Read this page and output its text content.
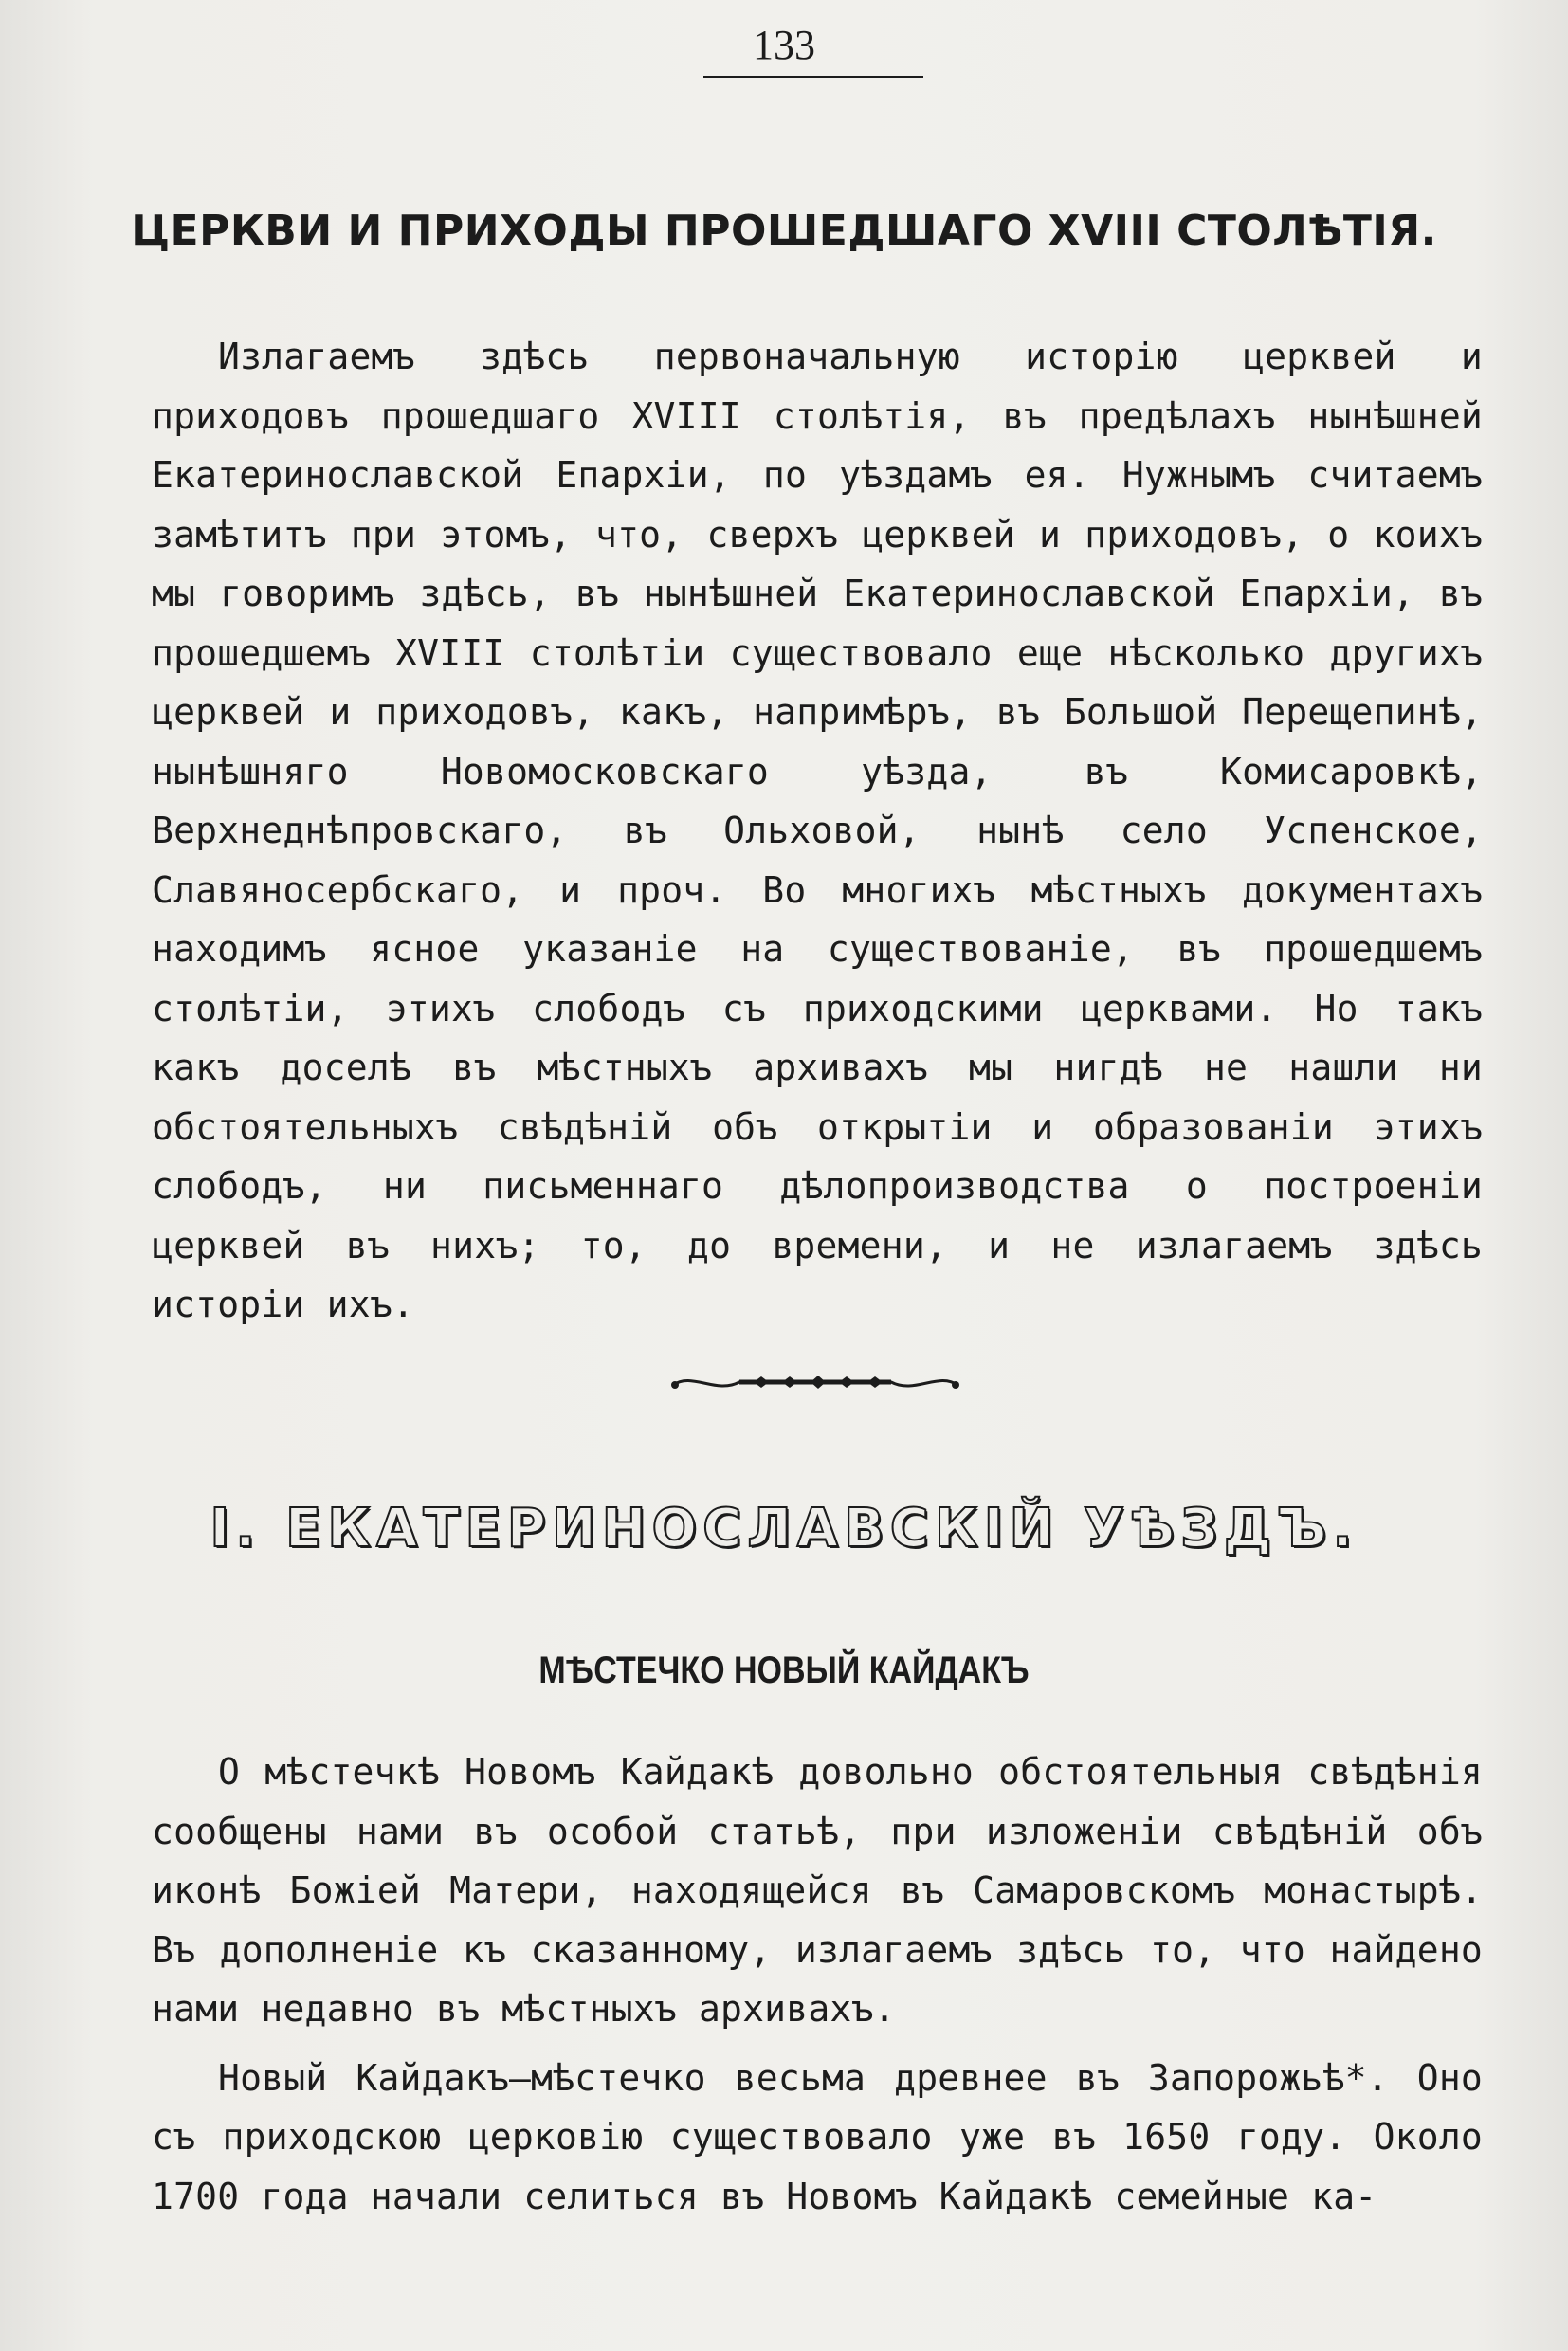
133
ЦЕРКВИ И ПРИХОДЫ ПРОШЕДШАГО XVIII СТОЛѢТІЯ.

Излагаемъ здѣсь первоначальную исторію церквей и приходовъ прошедшаго XVIII столѣтія, въ предѣлахъ нынѣшней Екатеринославской Епархіи, по уѣздамъ ея. Нужнымъ считаемъ замѣтитъ при этомъ, что, сверхъ церквей и приходовъ, о коихъ мы говоримъ здѣсь, въ нынѣшней Екатеринославской Епархіи, въ прошедшемъ XVIII столѣтіи существовало еще нѣсколько другихъ церквей и приходовъ, какъ, напримѣръ, въ Большой Перещепинѣ, нынѣшняго Новомосковскаго уѣзда, въ Комисаровкѣ, Верхнеднѣпровскаго, въ Ольховой, нынѣ село Успенское, Славяносербскаго, и проч. Во многихъ мѣстныхъ документахъ находимъ ясное указаніе на существованіе, въ прошедшемъ столѣтіи, этихъ слободъ съ приходскими церквами. Но такъ какъ доселѣ въ мѣстныхъ архивахъ мы нигдѣ не нашли ни обстоятельныхъ свѣдѣній объ открытіи и образованіи этихъ слободъ, ни письменнаго дѣлопроизводства о построеніи церквей въ нихъ; то, до времени, и не излагаемъ здѣсь исторіи ихъ.

I. ЕКАТЕРИНОСЛАВСКІЙ УѢЗДЪ.
МѢСТЕЧКО НОВЫЙ КАЙДАКЪ

О мѣстечкѣ Новомъ Кайдакѣ довольно обстоятельныя свѣдѣнія сообщены нами въ особой статьѣ, при изложеніи свѣдѣній объ иконѣ Божіей Матери, находящейся въ Самаровскомъ монастырѣ. Въ дополненіе къ сказанному, излагаемъ здѣсь то, что найдено нами недавно въ мѣстныхъ архивахъ.

Новый Кайдакъ—мѣстечко весьма древнее въ Запорожьѣ*. Оно съ приходскою церковію существовало уже въ 1650 году. Около 1700 года начали селиться въ Новомъ Кайдакѣ семейные ка-
